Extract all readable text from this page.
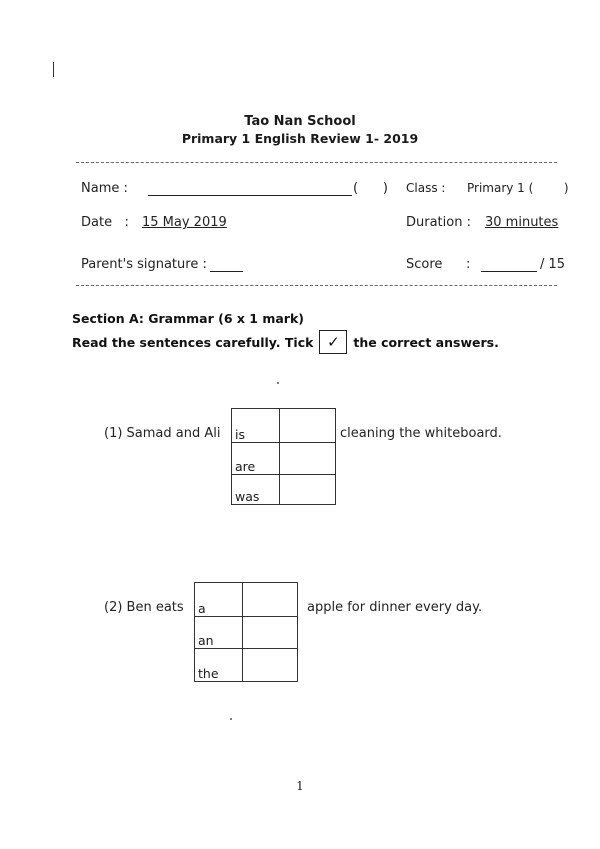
Tao Nan School
Primary 1 English Review 1- 2019
Name :	(      ) Class : Primary 1 (        )
Date   : 15 May 2019	Duration : 30 minutes
Parent's signature :	Score :	/ 15
Section A: Grammar (6 x 1 mark)
Read the sentences carefully. Tick ✓	the correct answers.
(1) Samad and Ali is	
are	
was	
cleaning the whiteboard.
(2) Ben eats a	
an	
the	
apple for dinner every day.
1
